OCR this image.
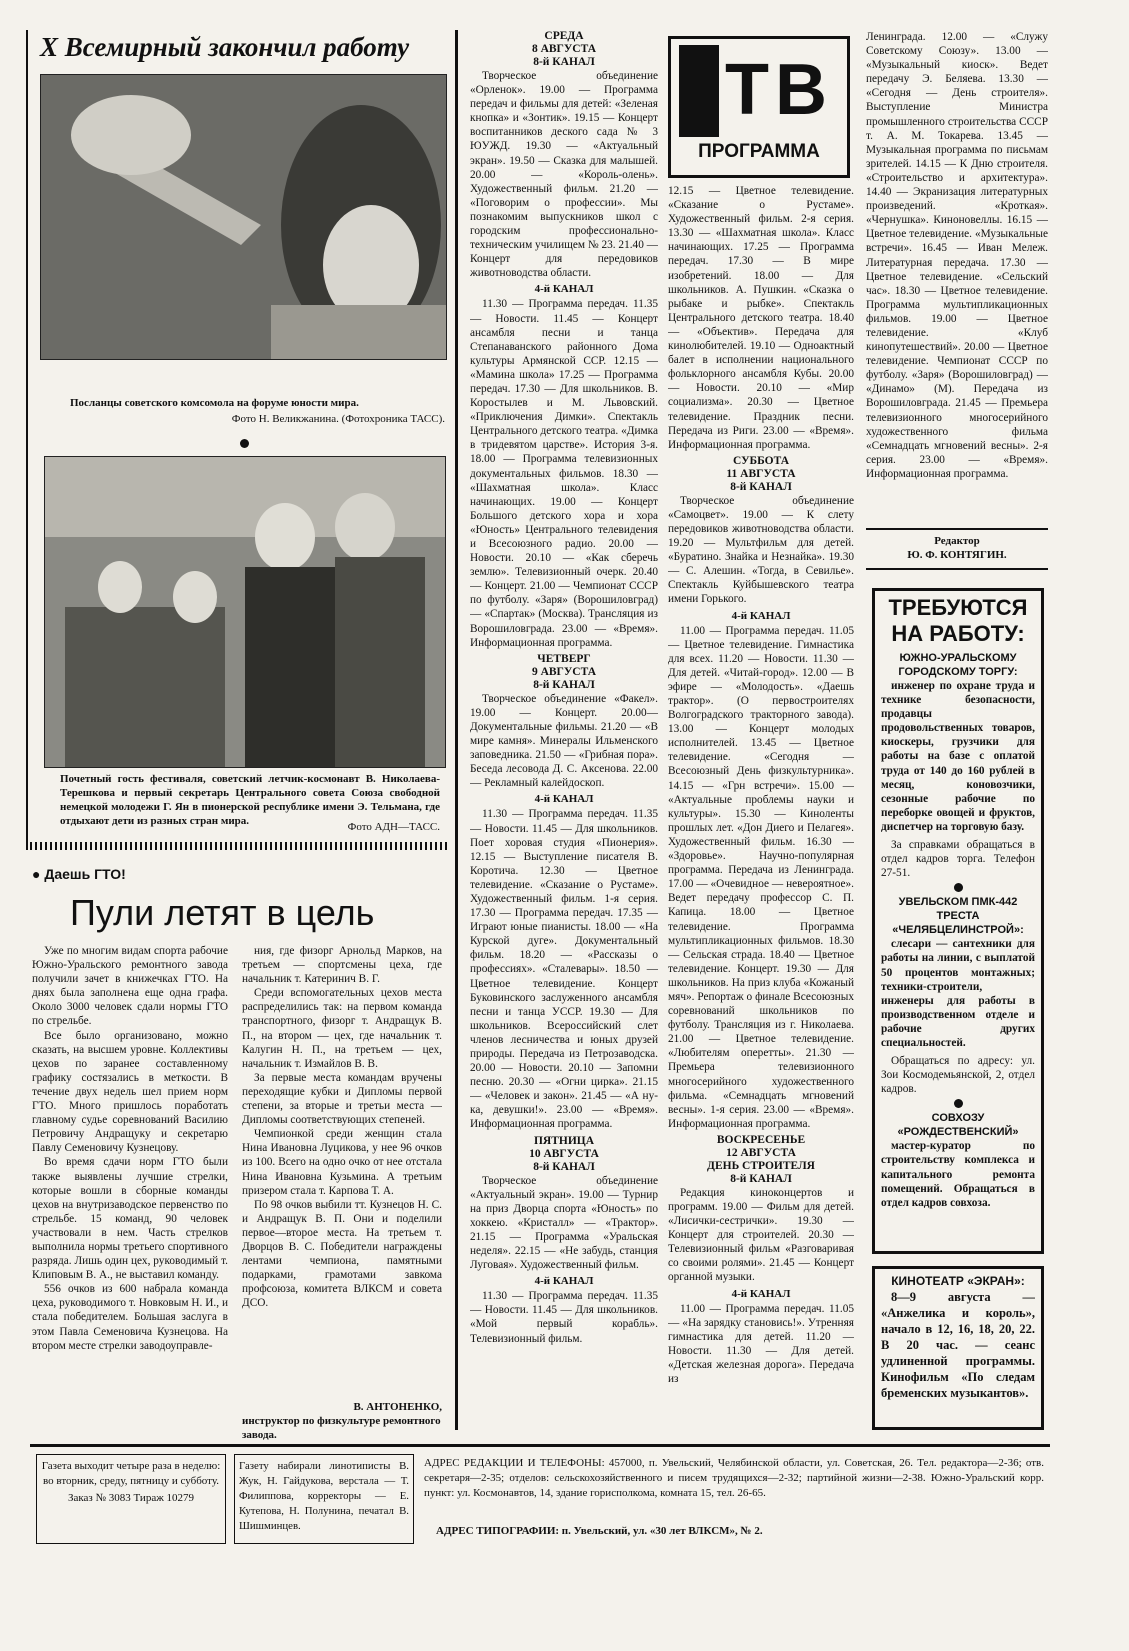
X Всемирный закончил работу
Посланцы советского комсомола на форуме юности мира.
Фото Н. Великжанина. (Фотохроника ТАСС).
Почетный гость фестиваля, советский летчик-космонавт В. Николаева-Терешкова и первый секретарь Центрального совета Союза свободной немецкой молодежи Г. Ян в пионерской республике имени Э. Тельмана, где отдыхают дети из разных стран мира.	Фото АДН—ТАСС.
● Даешь ГТО!
Пули летят в цель

Уже по многим видам спорта рабочие Южно-Уральского ремонтного завода получили зачет в книжечках ГТО. На днях была заполнена еще одна графа. Около 3000 человек сдали нормы ГТО по стрельбе.

Все было организовано, можно сказать, на высшем уровне. Коллективы цехов по заранее составленному графику состязались в меткости. В течение двух недель шел прием норм ГТО. Много пришлось поработать главному судье соревнований Василию Петровичу Андращуку и секретарю Павлу Семеновичу Кузнецову.

Во время сдачи норм ГТО были также выявлены лучшие стрелки, которые вошли в сборные команды цехов на внутризаводское первенство по стрельбе. 15 команд, 90 человек участвовали в нем. Часть стрелков выполнила нормы третьего спортивного разряда. Лишь один цех, руководимый т. Клиповым В. А., не выставил команду.

556 очков из 600 набрала команда цеха, руководимого т. Новковым Н. И., и стала победителем. Большая заслуга в этом Павла Семеновича Кузнецова. На втором месте стрелки заводоуправле-

ния, где физорг Арнольд Марков, на третьем — спортсмены цеха, где начальник т. Катеринич В. Г.

Среди вспомогательных цехов места распределились так: на первом команда транспортного, физорг т. Андращук В. П., на втором — цех, где начальник т. Калугин Н. П., на третьем — цех, начальник т. Измайлов В. В.

За первые места командам вручены переходящие кубки и Дипломы первой степени, за вторые и третьи места — Дипломы соответствующих степеней.

Чемпионкой среди женщин стала Нина Ивановна Луцикова, у нее 96 очков из 100. Всего на одно очко от нее отстала Нина Ивановна Кузьмина. А третьим призером стала т. Карпова Т. А.

По 98 очков выбили тт. Кузнецов Н. С. и Андращук В. П. Они и поделили первое—второе места. На третьем т. Дворцов В. С. Победители награждены лентами чемпиона, памятными подарками, грамотами завкома профсоюза, комитета ВЛКСМ и совета ДСО.

В. АНТОНЕНКО,
инструктор по физкультуре ремонтного завода.
СРЕДА
8 АВГУСТА
8-й КАНАЛ
Творческое объединение «Орленок». 19.00 — Программа передач и фильмы для детей: «Зеленая кнопка» и «Зонтик». 19.15 — Концерт воспитанников деского сада № 3 ЮУЖД. 19.30 — «Актуальный экран». 19.50 — Сказка для малышей. 20.00 — «Король-олень». Художественный фильм. 21.20 — «Поговорим о профессии». Мы познакомим выпускников школ с городским профессионально-техническим училищем № 23. 21.40 — Концерт для передовиков животноводства области.
4-й КАНАЛ
11.30 — Программа передач. 11.35 — Новости. 11.45 — Концерт ансамбля песни и танца Степанаванского районного Дома культуры Армянской ССР. 12.15 — «Мамина школа» 17.25 — Программа передач. 17.30 — Для школьников. В. Коростылев и М. Львовский. «Приключения Димки». Спектакль Центрального детского театра. «Димка в тридевятом царстве». История 3-я. 18.00 — Программа телевизионных документальных фильмов. 18.30 — «Шахматная школа». Класс начинающих. 19.00 — Концерт Большого детского хора и хора «Юность» Центрального телевидения и Всесоюзного радио. 20.00 — Новости. 20.10 — «Как сберечь землю». Телевизионный очерк. 20.40 — Концерт. 21.00 — Чемпионат СССР по футболу. «Заря» (Ворошиловград) — «Спартак» (Москва). Трансляция из Ворошиловграда. 23.00 — «Время». Информационная программа.
ЧЕТВЕРГ
9 АВГУСТА
8-й КАНАЛ
Творческое объединение «Факел». 19.00 — Концерт. 20.00— Документальные фильмы. 21.20 — «В мире камня». Минералы Ильменского заповедника. 21.50 — «Грибная пора». Беседа лесовода Д. С. Аксенова. 22.00 — Рекламный калейдоскоп.
4-й КАНАЛ
11.30 — Программа передач. 11.35 — Новости. 11.45 — Для школьников. Поет хоровая студия «Пионерия». 12.15 — Выступление писателя В. Коротича. 12.30 — Цветное телевидение. «Сказание о Рустаме». Художественный фильм. 1-я серия. 17.30 — Программа передач. 17.35 — Играют юные пианисты. 18.00 — «На Курской дуге». Документальный фильм. 18.20 — «Рассказы о профессиях». «Сталевары». 18.50 — Цветное телевидение. Концерт Буковинского заслуженного ансамбля песни и танца УССР. 19.30 — Для школьников. Всероссийский слет членов лесничества и юных друзей природы. Передача из Петрозаводска. 20.00 — Новости. 20.10 — Запомни песню. 20.30 — «Огни цирка». 21.15 — «Человек и закон». 21.45 — «А ну-ка, девушки!». 23.00 — «Время». Информационная программа.
ПЯТНИЦА
10 АВГУСТА
8-й КАНАЛ
Творческое объединение «Актуальный экран». 19.00 — Турнир на приз Дворца спорта «Юность» по хоккею. «Кристалл» — «Трактор». 21.15 — Программа «Уральская неделя». 22.15 — «Не забудь, станция Луговая». Художественный фильм.
4-й КАНАЛ
11.30 — Программа передач. 11.35 — Новости. 11.45 — Для школьников. «Мой первый корабль». Телевизионный фильм.
ТВ
ПРОГРАММА
12.15 — Цветное телевидение. «Сказание о Рустаме». Художественный фильм. 2-я серия. 13.30 — «Шахматная школа». Класс начинающих. 17.25 — Программа передач. 17.30 — В мире изобретений. 18.00 — Для школьников. А. Пушкин. «Сказка о рыбаке и рыбке». Спектакль Центрального детского театра. 18.40 — «Объектив». Передача для кинолюбителей. 19.10 — Одноактный балет в исполнении национального фольклорного ансамбля Кубы. 20.00 — Новости. 20.10 — «Мир социализма». 20.30 — Цветное телевидение. Праздник песни. Передача из Риги. 23.00 — «Время». Информационная программа.
СУББОТА
11 АВГУСТА
8-й КАНАЛ
Творческое объединение «Самоцвет». 19.00 — К слету передовиков животноводства области. 19.20 — Мультфильм для детей. «Буратино. Знайка и Незнайка». 19.30 — С. Алешин. «Тогда, в Севилье». Спектакль Куйбышевского театра имени Горького.
4-й КАНАЛ
11.00 — Программа передач. 11.05 — Цветное телевидение. Гимнастика для всех. 11.20 — Новости. 11.30 — Для детей. «Читай-город». 12.00 — В эфире — «Молодость». «Даешь трактор». (О первостроителях Волгоградского тракторного завода). 13.00 — Концерт молодых исполнителей. 13.45 — Цветное телевидение. «Сегодня — Всесоюзный День физкультурника». 14.15 — «Грн встречи». 15.00 — «Актуальные проблемы науки и культуры». 15.30 — Киноленты прошлых лет. «Дон Диего и Пелагея». Художественный фильм. 16.30 — «Здоровье». Научно-популярная программа. Передача из Ленинграда. 17.00 — «Очевидное — невероятное». Ведет передачу профессор С. П. Капица. 18.00 — Цветное телевидение. Программа мультипликационных фильмов. 18.30 — Сельская страда. 18.40 — Цветное телевидение. Концерт. 19.30 — Для школьников. На приз клуба «Кожаный мяч». Репортаж о финале Всесоюзных соревнований школьников по футболу. Трансляция из г. Николаева. 21.00 — Цветное телевидение. «Любителям оперетты». 21.30 — Премьера телевизионного многосерийного художественного фильма. «Семнадцать мгновений весны». 1-я серия. 23.00 — «Время». Информационная программа.
ВОСКРЕСЕНЬЕ
12 АВГУСТА
ДЕНЬ СТРОИТЕЛЯ
8-й КАНАЛ
Редакция киноконцертов и программ. 19.00 — Фильм для детей. «Лисички-сестрички». 19.30 — Концерт для строителей. 20.30 — Телевизионный фильм «Разговаривая со своими ролями». 21.45 — Концерт органной музыки.
4-й КАНАЛ
11.00 — Программа передач. 11.05 — «На зарядку становись!». Утренняя гимнастика для детей. 11.20 — Новости. 11.30 — Для детей. «Детская железная дорога». Передача из
Ленинграда. 12.00 — «Служу Советскому Союзу». 13.00 — «Музыкальный киоск». Ведет передачу Э. Беляева. 13.30 — «Сегодня — День строителя». Выступление Министра промышленного строительства СССР т. А. М. Токарева. 13.45 — Музыкальная программа по письмам зрителей. 14.15 — К Дню строителя. «Строительство и архитектура». 14.40 — Экранизация литературных произведений. «Кроткая». «Чернушка». Киноновеллы. 16.15 — Цветное телевидение. «Музыкальные встречи». 16.45 — Иван Мележ. Литературная передача. 17.30 — Цветное телевидение. «Сельский час». 18.30 — Цветное телевидение. Программа мультипликационных фильмов. 19.00 — Цветное телевидение. «Клуб кинопутешествий». 20.00 — Цветное телевидение. Чемпионат СССР по футболу. «Заря» (Ворошиловград) — «Динамо» (М). Передача из Ворошиловграда. 21.45 — Премьера телевизионного многосерийного художественного фильма «Семнадцать мгновений весны». 2-я серия. 23.00 — «Время». Информационная программа.
Редактор
Ю. Ф. КОНТЯГИН.
ТРЕБУЮТСЯ НА РАБОТУ:
ЮЖНО-УРАЛЬСКОМУ ГОРОДСКОМУ ТОРГУ:
инженер по охране труда и технике безопасности, продавцы продовольственных товаров, киоскеры, грузчики для работы на базе с оплатой труда от 140 до 160 рублей в месяц, коновозчики, сезонные рабочие по переборке овощей и фруктов, диспетчер на торговую базу.
За справками обращаться в отдел кадров торга. Телефон 27-51.
УВЕЛЬСКОМ ПМК-442 ТРЕСТА «ЧЕЛЯБЦЕЛИНСТРОЙ»:
слесари — сантехники для работы на линии, с выплатой 50 процентов монтажных; техники-строители, инженеры для работы в производственном отделе и рабочие других специальностей.
Обращаться по адресу: ул. Зои Космодемьянской, 2, отдел кадров.
СОВХОЗУ «РОЖДЕСТВЕНСКИЙ»
мастер-куратор по строительству комплекса и капитального ремонта помещений. Обращаться в отдел кадров совхоза.
КИНОТЕАТР «ЭКРАН»:
8—9 августа — «Анжелика и король», начало в 12, 16, 18, 20, 22. В 20 час. — сеанс удлиненной программы. Кинофильм «По следам бременских музыкантов».
Газета выходит четыре раза в неделю: во вторник, среду, пятницу и субботу.
Заказ № 3083 Тираж 10279
Газету набирали линотиписты В. Жук, Н. Гайдукова, верстала — Т. Филиппова, корректоры — Е. Кутепова, Н. Полунина, печатал В. Шишминцев.
АДРЕС РЕДАКЦИИ И ТЕЛЕФОНЫ: 457000, п. Увельский, Челябинской области, ул. Советская, 26. Тел. редактора—2-36; отв. секретаря—2-35; отделов: сельскохозяйственного и писем трудящихся—2-32; партийной жизни—2-38. Южно-Уральский корр. пункт: ул. Космонавтов, 14, здание горисполкома, комната 15, тел. 26-65.
АДРЕС ТИПОГРАФИИ: п. Увельский, ул. «30 лет ВЛКСМ», № 2.
